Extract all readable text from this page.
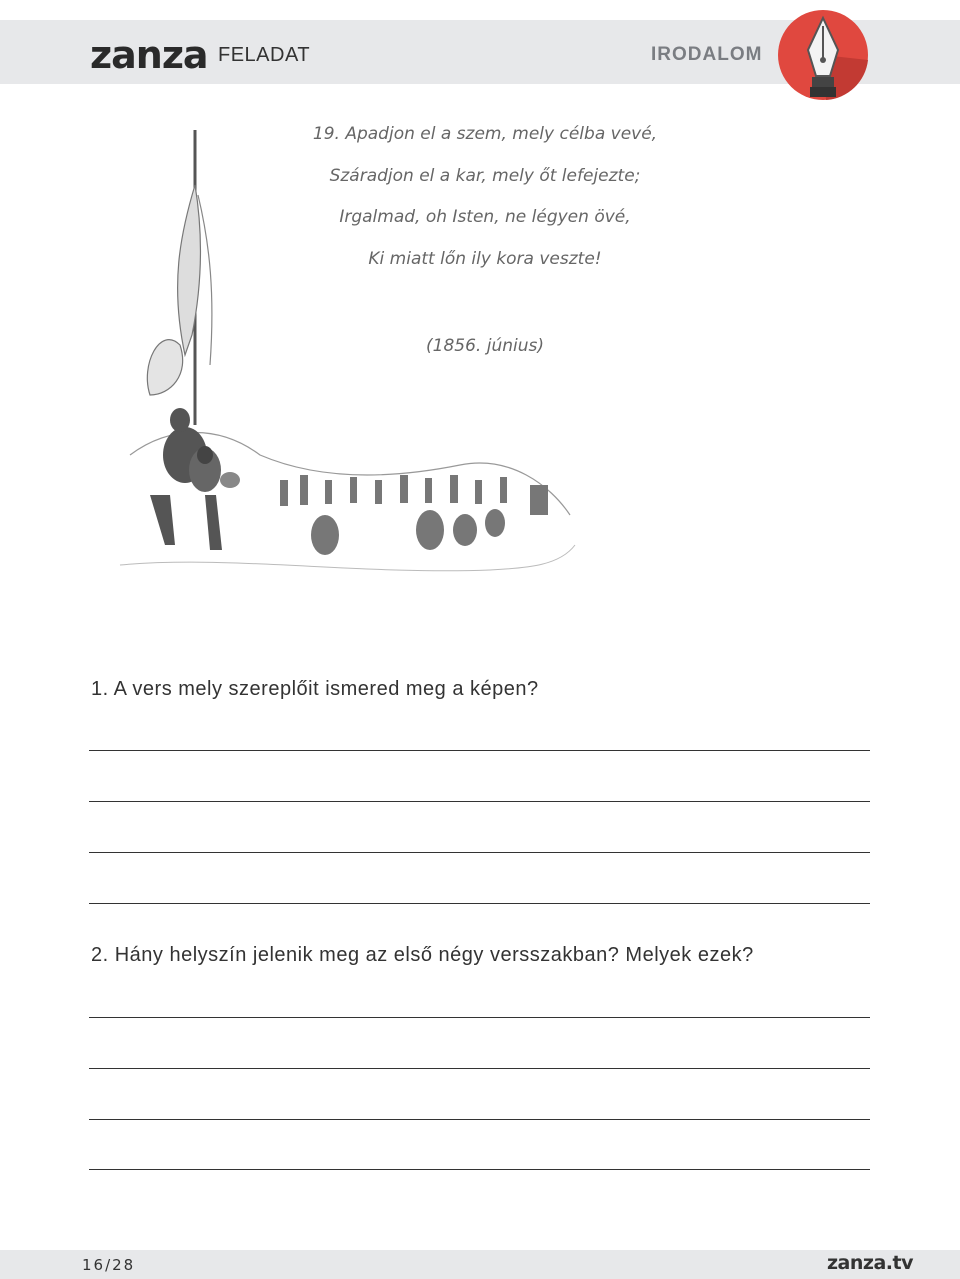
zanza FELADAT	IRODALOM
19. Apadjon el a szem, mely célba vevé,
Száradjon el a kar, mely őt lefejezte;
Irgalmad, oh Isten, ne légyen övé,
Ki miatt lőn ily kora veszte!
(1856. június)
1. A vers mely szereplőit ismered meg a képen?
2. Hány helyszín jelenik meg az első négy versszakban? Melyek ezek?
16/28	zanza.tv
